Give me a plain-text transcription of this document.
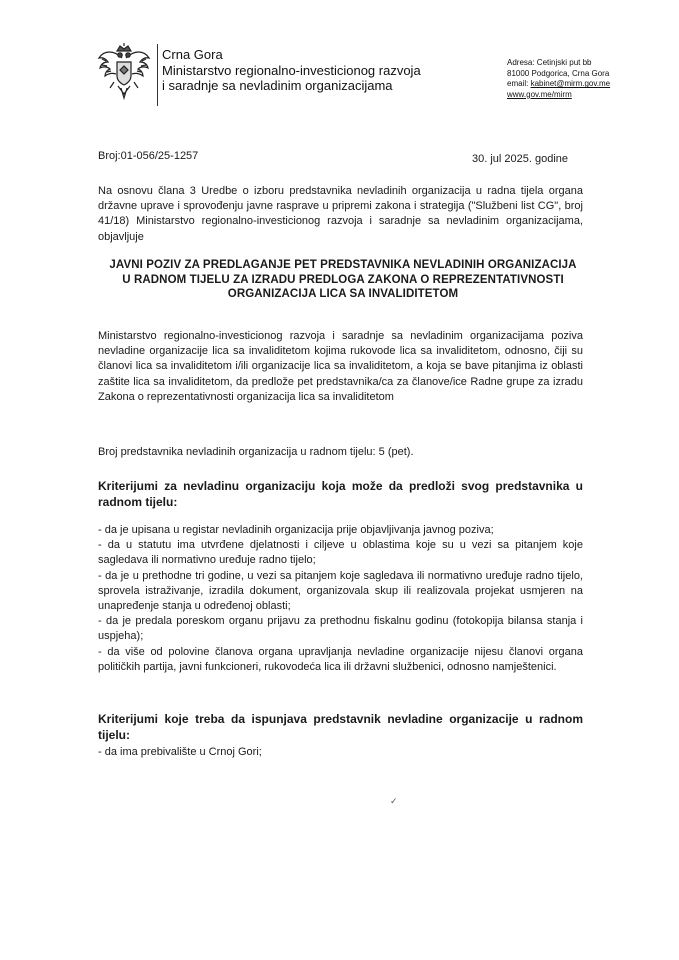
Crna Gora
Ministarstvo regionalno-investicionog razvoja
i saradnje sa nevladinim organizacijama
Adresa: Cetinjski put bb
81000 Podgorica, Crna Gora
email: kabinet@mirm.gov.me
www.gov.me/mirm
Broj:01-056/25-1257	30. jul 2025. godine
Na osnovu člana 3 Uredbe o izboru predstavnika nevladinih organizacija u radna tijela organa državne uprave i sprovođenju javne rasprave u pripremi zakona i strategija ("Službeni list CG", broj 41/18) Ministarstvo regionalno-investicionog razvoja i saradnje sa nevladinim organizacijama, objavljuje
JAVNI POZIV ZA PREDLAGANJE PET PREDSTAVNIKA NEVLADINIH ORGANIZACIJA
U RADNOM TIJELU ZA IZRADU PREDLOGA ZAKONA O REPREZENTATIVNOSTI
ORGANIZACIJA LICA SA INVALIDITETOM
Ministarstvo regionalno-investicionog razvoja i saradnje sa nevladinim organizacijama poziva nevladine organizacije lica sa invaliditetom kojima rukovode lica sa invaliditetom, odnosno, čiji su članovi lica sa invaliditetom i/ili organizacije lica sa invaliditetom, a koja se bave pitanjima iz oblasti zaštite lica sa invaliditetom, da predlože pet predstavnika/ca za članove/ice Radne grupe za izradu Zakona o reprezentativnosti organizacija lica sa invaliditetom
Broj predstavnika nevladinih organizacija u radnom tijelu: 5 (pet).
Kriterijumi za nevladinu organizaciju koja može da predloži svog predstavnika u radnom tijelu:
- da je upisana u registar nevladinih organizacija prije objavljivanja javnog poziva;
- da u statutu ima utvrđene djelatnosti i ciljeve u oblastima koje su u vezi sa pitanjem koje sagledava ili normativno uređuje radno tijelo;
- da je u prethodne tri godine, u vezi sa pitanjem koje sagledava ili normativno uređuje radno tijelo, sprovela istraživanje, izradila dokument, organizovala skup ili realizovala projekat usmjeren na unapređenje stanja u određenoj oblasti;
- da je predala poreskom organu prijavu za prethodnu fiskalnu godinu (fotokopija bilansa stanja i uspjeha);
- da više od polovine članova organa upravljanja nevladine organizacije nijesu članovi organa političkih partija, javni funkcioneri, rukovodeća lica ili državni službenici, odnosno namještenici.
Kriterijumi koje treba da ispunjava predstavnik nevladine organizacije u radnom tijelu:
- da ima prebivalište u Crnoj Gori;
✓
